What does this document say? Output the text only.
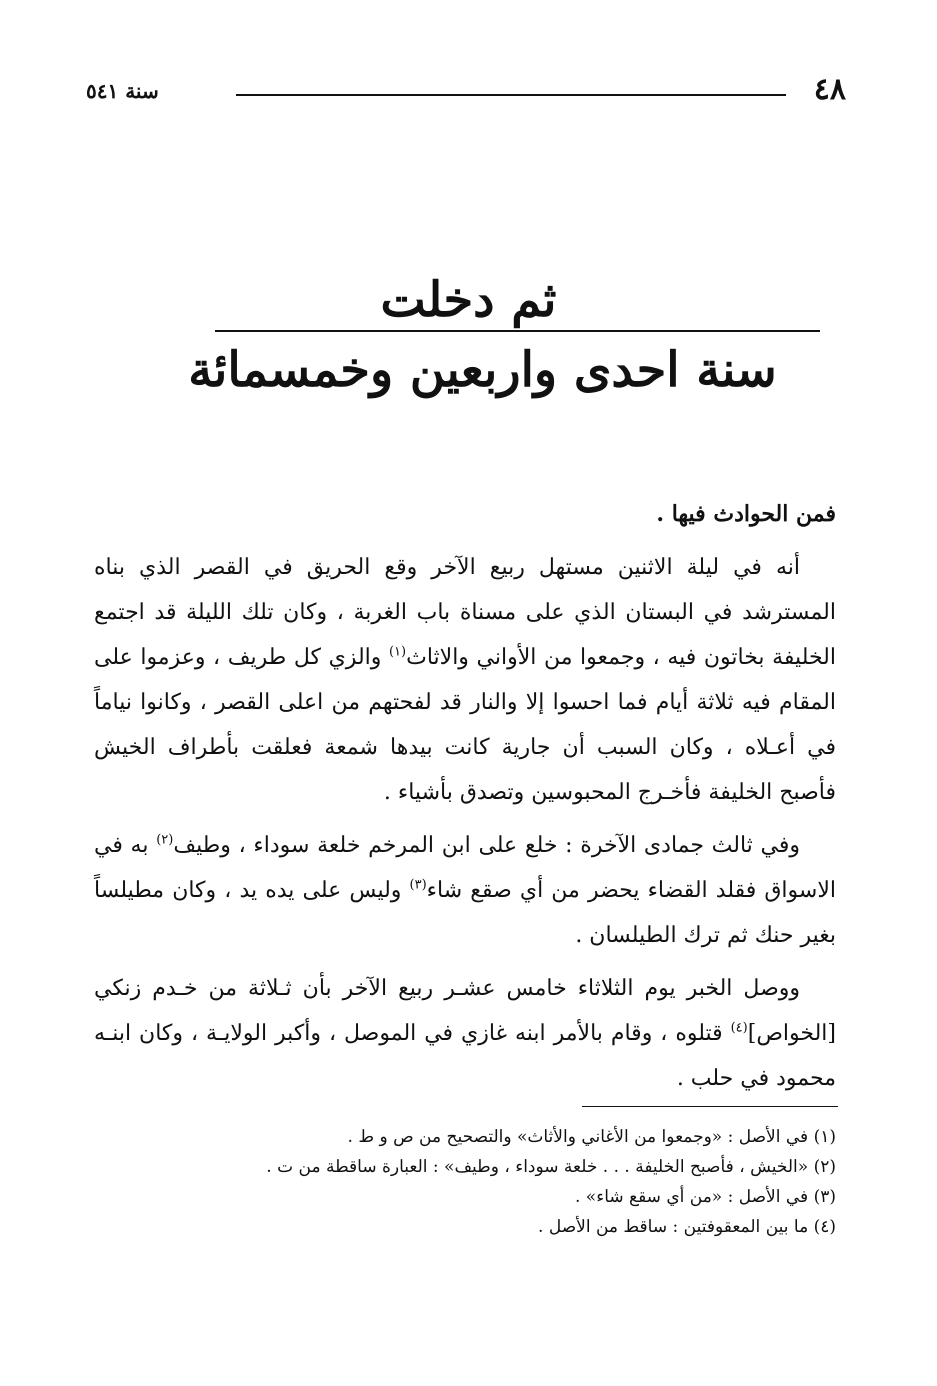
٤٨
سنة ٥٤١
ثم دخلت
سنة احدى واربعين وخمسمائة

فمن الحوادث فيها .

أنه في ليلة الاثنين مستهل ربيع الآخر وقع الحريق في القصر الذي بناه المسترشد في البستان الذي على مسناة باب الغربة ، وكان تلك الليلة قد اجتمع الخليفة بخاتون فيه ، وجمعوا من الأواني والاثاث$^{(١)}$ والزي كل طريف ، وعزموا على المقام فيه ثلاثة أيام فما احسوا إلا والنار قد لفحتهم من اعلى القصر ، وكانوا نياماً في أعـلاه ، وكان السبب أن جارية كانت بيدها شمعة فعلقت بأطراف الخيش فأصبح الخليفة فأخـرج المحبوسين وتصدق بأشياء .

وفي ثالث جمادى الآخرة : خلع على ابن المرخم خلعة سوداء ، وطيف$^{(٢)}$ به في الاسواق فقلد القضاء يحضر من أي صقع شاء$^{(٣)}$ وليس على يده يد ، وكان مطيلساً بغير حنك ثم ترك الطيلسان .

ووصل الخبر يوم الثلاثاء خامس عشـر ربيع الآخر بأن ثـلاثة من خـدم زنكي [الخواص]$^{(٤)}$ قتلوه ، وقام بالأمر ابنه غازي في الموصل ، وأكبر الولايـة ، وكان ابنـه محمود في حلب .

(١) في الأصل : «وجمعوا من الأغاني والأثاث» والتصحيح من ص و ط .

(٢) «الخيش ، فأصبح الخليفة . . . خلعة سوداء ، وطيف» : العبارة ساقطة من ت .

(٣) في الأصل : «من أي سقع شاء» .

(٤) ما بين المعقوفتين : ساقط من الأصل .
